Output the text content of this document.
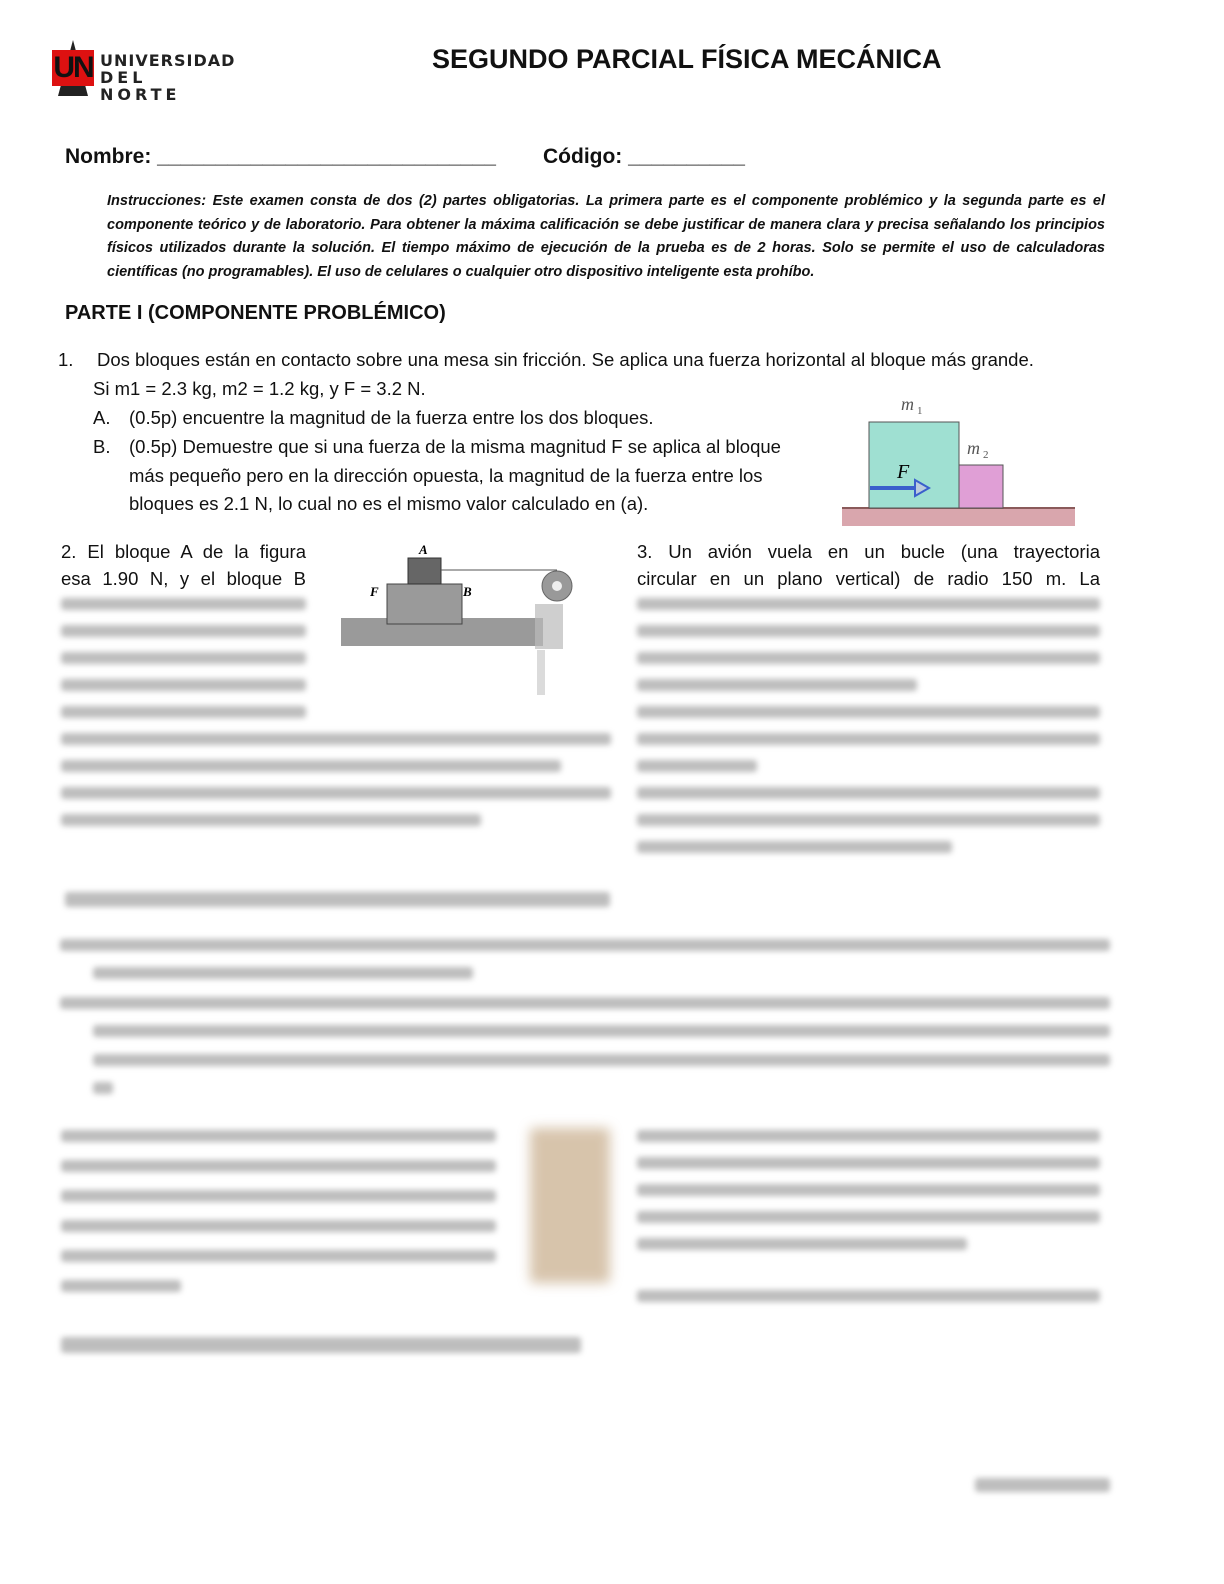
UN UNIVERSIDAD
DEL NORTE
SEGUNDO PARCIAL FÍSICA MECÁNICA
Nombre: _____________________________ Código: __________
Instrucciones: Este examen consta de dos (2) partes obligatorias. La primera parte es el componente problémico y la segunda parte es el componente teórico y de laboratorio. Para obtener la máxima calificación se debe justificar de manera clara y precisa señalando los principios físicos utilizados durante la solución. El tiempo máximo de ejecución de la prueba es de 2 horas. Solo se permite el uso de calculadoras científicas (no programables). El uso de celulares o cualquier otro dispositivo inteligente esta prohíbo.
PARTE I (COMPONENTE PROBLÉMICO)
1. Dos bloques están en contacto sobre una mesa sin fricción. Se aplica una fuerza horizontal al bloque más grande.
Si m1 = 2.3 kg, m2 = 1.2 kg, y F = 3.2 N.
A. (0.5p) encuentre la magnitud de la fuerza entre los dos bloques.
B. (0.5p) Demuestre que si una fuerza de la misma magnitud F se aplica al bloque más pequeño pero en la dirección opuesta, la magnitud de la fuerza entre los bloques es 2.1 N, lo cual no es el mismo valor calculado en (a).
F
m 1
m 2
2. El bloque A de la figura
esa 1.90 N, y el bloque B
A
B
F
3. Un avión vuela en un bucle (una trayectoria
circular en un plano vertical) de radio 150 m. La
